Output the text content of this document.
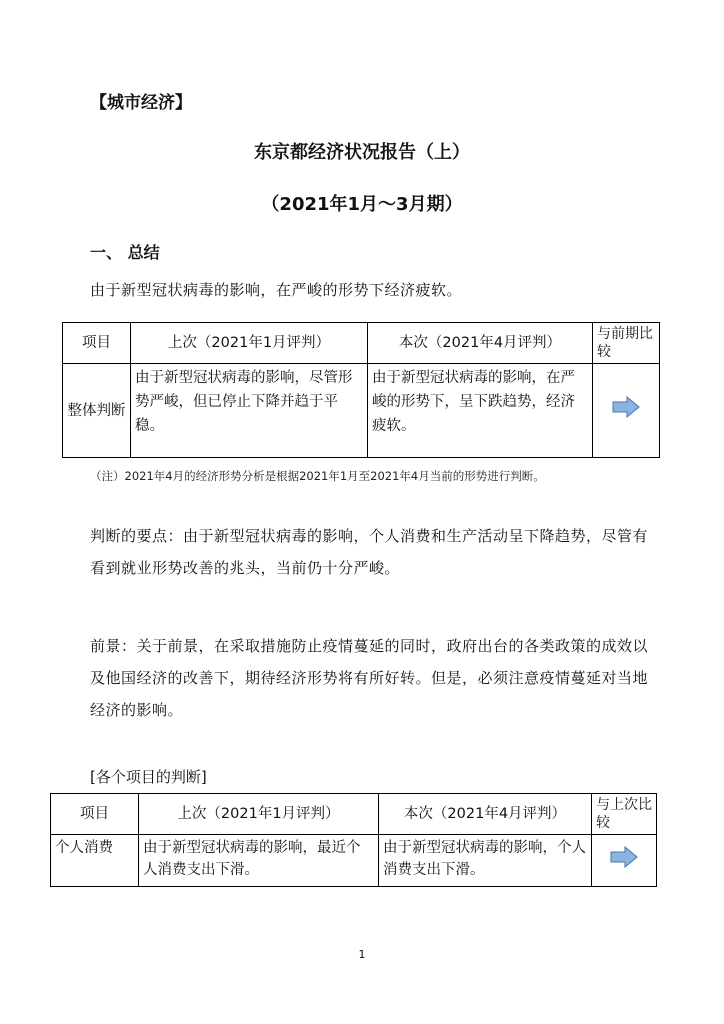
【城市经济】
东京都经济状况报告（上）
（2021年1月～3月期）
一、 总结
由于新型冠状病毒的影响，在严峻的形势下经济疲软。
项目	上次（2021年1月评判）	本次（2021年4月评判）	与前期比较
整体判断	由于新型冠状病毒的影响，尽管形势严峻，但已停止下降并趋于平稳。	由于新型冠状病毒的影响，在严峻的形势下，呈下跌趋势，经济疲软。	
（注）2021年4月的经济形势分析是根据2021年1月至2021年4月当前的形势进行判断。
判断的要点：由于新型冠状病毒的影响，个人消费和生产活动呈下降趋势，尽管有看到就业形势改善的兆头，当前仍十分严峻。
前景：关于前景，在采取措施防止疫情蔓延的同时，政府出台的各类政策的成效以及他国经济的改善下，期待经济形势将有所好转。但是，必须注意疫情蔓延对当地经济的影响。
[各个项目的判断]
项目	上次（2021年1月评判）	本次（2021年4月评判）	与上次比较
个人消费	由于新型冠状病毒的影响，最近个人消费支出下滑。	由于新型冠状病毒的影响，个人消费支出下滑。	
1
